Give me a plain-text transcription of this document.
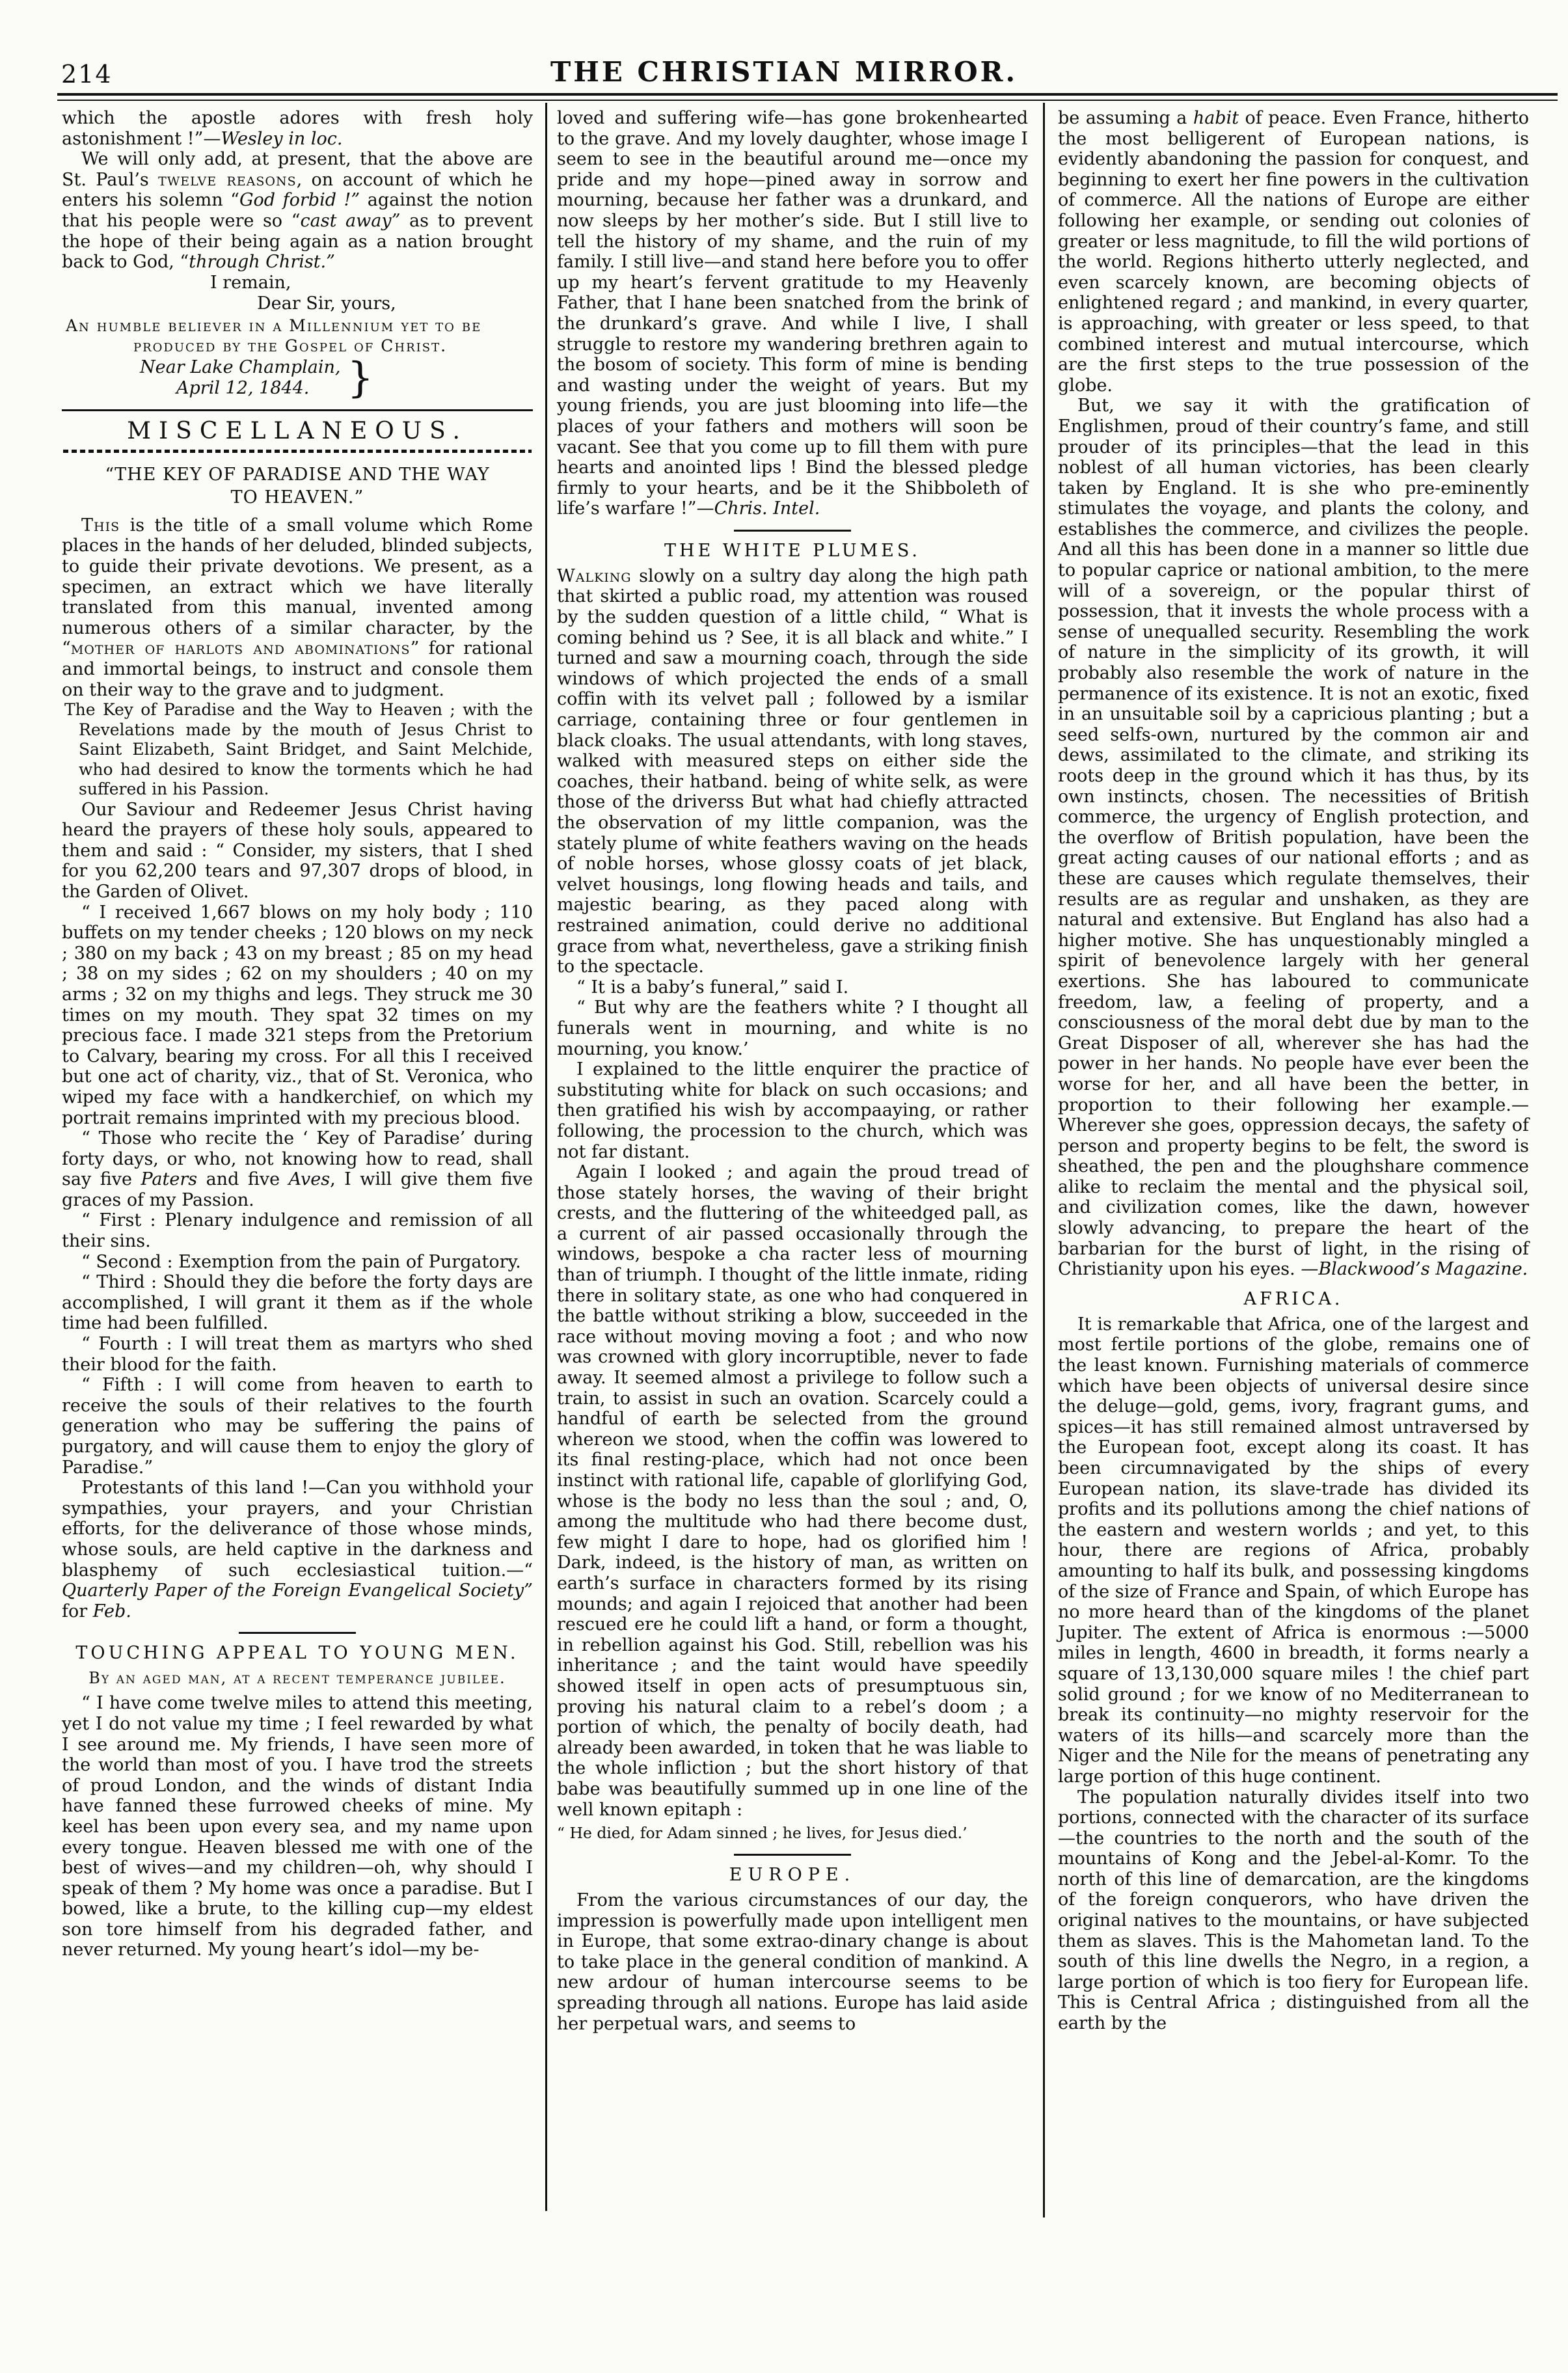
214	THE CHRISTIAN MIRROR.

which the apostle adores with fresh holy astonishment !”—Wesley in loc.

We will only add, at present, that the above are St. Paul’s twelve reasons, on account of which he enters his solemn “God forbid !” against the notion that his people were so “cast away” as to prevent the hope of their being again as a nation brought back to God, “through Christ.”

I remain,

Dear Sir, yours,

An humble believer in a Millennium yet to be produced by the Gospel of Christ.

Near Lake Champlain,
April 12, 1844. }
MISCELLANEOUS.
“THE KEY OF PARADISE AND THE WAY
TO HEAVEN.”

This is the title of a small volume which Rome places in the hands of her deluded, blinded subjects, to guide their private devotions. We present, as a specimen, an extract which we have literally translated from this manual, invented among numerous others of a similar character, by the “mother of harlots and abominations” for rational and immortal beings, to instruct and console them on their way to the grave and to judgment.

The Key of Paradise and the Way to Heaven ; with the Revelations made by the mouth of Jesus Christ to Saint Elizabeth, Saint Bridget, and Saint Melchide, who had desired to know the torments which he had suffered in his Passion.

Our Saviour and Redeemer Jesus Christ having heard the prayers of these holy souls, appeared to them and said : “ Consider, my sisters, that I shed for you 62,200 tears and 97,307 drops of blood, in the Garden of Olivet.

“ I received 1,667 blows on my holy body ; 110 buffets on my tender cheeks ; 120 blows on my neck ; 380 on my back ; 43 on my breast ; 85 on my head ; 38 on my sides ; 62 on my shoulders ; 40 on my arms ; 32 on my thighs and legs. They struck me 30 times on my mouth. They spat 32 times on my precious face. I made 321 steps from the Pretorium to Calvary, bearing my cross. For all this I received but one act of charity, viz., that of St. Veronica, who wiped my face with a handkerchief, on which my portrait remains imprinted with my precious blood.

“ Those who recite the ‘ Key of Paradise’ during forty days, or who, not knowing how to read, shall say five Paters and five Aves, I will give them five graces of my Passion.

“ First : Plenary indulgence and remission of all their sins.

“ Second : Exemption from the pain of Purgatory.

“ Third : Should they die before the forty days are accomplished, I will grant it them as if the whole time had been fulfilled.

“ Fourth : I will treat them as martyrs who shed their blood for the faith.

“ Fifth : I will come from heaven to earth to receive the souls of their relatives to the fourth generation who may be suffering the pains of purgatory, and will cause them to enjoy the glory of Paradise.”

Protestants of this land !—Can you withhold your sympathies, your prayers, and your Christian efforts, for the deliverance of those whose minds, whose souls, are held captive in the darkness and blasphemy of such ecclesiastical tuition.—“ Quarterly Paper of the Foreign Evangelical Society” for Feb.

TOUCHING APPEAL TO YOUNG MEN.
By an aged man, at a recent temperance jubilee.

“ I have come twelve miles to attend this meeting, yet I do not value my time ; I feel rewarded by what I see around me. My friends, I have seen more of the world than most of you. I have trod the streets of proud London, and the winds of distant India have fanned these furrowed cheeks of mine. My keel has been upon every sea, and my name upon every tongue. Heaven blessed me with one of the best of wives—and my children—oh, why should I speak of them ? My home was once a paradise. But I bowed, like a brute, to the killing cup—my eldest son tore himself from his degraded father, and never returned. My young heart’s idol—my be-

loved and suffering wife—has gone brokenhearted to the grave. And my lovely daughter, whose image I seem to see in the beautiful around me—once my pride and my hope—pined away in sorrow and mourning, because her father was a drunkard, and now sleeps by her mother’s side. But I still live to tell the history of my shame, and the ruin of my family. I still live—and stand here before you to offer up my heart’s fervent gratitude to my Heavenly Father, that I hane been snatched from the brink of the drunkard’s grave. And while I live, I shall struggle to restore my wandering brethren again to the bosom of society. This form of mine is bending and wasting under the weight of years. But my young friends, you are just blooming into life—the places of your fathers and mothers will soon be vacant. See that you come up to fill them with pure hearts and anointed lips ! Bind the blessed pledge firmly to your hearts, and be it the Shibboleth of life’s warfare !”—Chris. Intel.

THE WHITE PLUMES.

Walking slowly on a sultry day along the high path that skirted a public road, my attention was roused by the sudden question of a little child, “ What is coming behind us ? See, it is all black and white.” I turned and saw a mourning coach, through the side windows of which projected the ends of a small coffin with its velvet pall ; followed by a ismilar carriage, containing three or four gentlemen in black cloaks. The usual attendants, with long staves, walked with measured steps on either side the coaches, their hatband. being of white selk, as were those of the driverss But what had chiefly attracted the observation of my little companion, was the stately plume of white feathers waving on the heads of noble horses, whose glossy coats of jet black, velvet housings, long flowing heads and tails, and majestic bearing, as they paced along with restrained animation, could derive no additional grace from what, nevertheless, gave a striking finish to the spectacle.

“ It is a baby’s funeral,” said I.

“ But why are the feathers white ? I thought all funerals went in mourning, and white is no mourning, you know.’

I explained to the little enquirer the practice of substituting white for black on such occasions; and then gratified his wish by accompaaying, or rather following, the procession to the church, which was not far distant.

Again I looked ; and again the proud tread of those stately horses, the waving of their bright crests, and the fluttering of the whiteedged pall, as a current of air passed occasionally through the windows, bespoke a cha racter less of mourning than of triumph. I thought of the little inmate, riding there in solitary state, as one who had conquered in the battle without striking a blow, succeeded in the race without moving moving a foot ; and who now was crowned with glory incorruptible, never to fade away. It seemed almost a privilege to follow such a train, to assist in such an ovation. Scarcely could a handful of earth be selected from the ground whereon we stood, when the coffin was lowered to its final resting-place, which had not once been instinct with rational life, capable of glorlifying God, whose is the body no less than the soul ; and, O, among the multitude who had there become dust, few might I dare to hope, had os glorified him ! Dark, indeed, is the history of man, as written on earth’s surface in characters formed by its rising mounds; and again I rejoiced that another had been rescued ere he could lift a hand, or form a thought, in rebellion against his God. Still, rebellion was his inheritance ; and the taint would have speedily showed itself in open acts of presumptuous sin, proving his natural claim to a rebel’s doom ; a portion of which, the penalty of bocily death, had already been awarded, in token that he was liable to the whole infliction ; but the short history of that babe was beautifully summed up in one line of the well known epitaph :

“ He died, for Adam sinned ; he lives, for Jesus died.’

EUROPE.

From the various circumstances of our day, the impression is powerfully made upon intelligent men in Europe, that some extrao-dinary change is about to take place in the general condition of mankind. A new ardour of human intercourse seems to be spreading through all nations. Europe has laid aside her perpetual wars, and seems to

be assuming a habit of peace. Even France, hitherto the most belligerent of European nations, is evidently abandoning the passion for conquest, and beginning to exert her fine powers in the cultivation of commerce. All the nations of Europe are either following her example, or sending out colonies of greater or less magnitude, to fill the wild portions of the world. Regions hitherto utterly neglected, and even scarcely known, are becoming objects of enlightened regard ; and mankind, in every quarter, is approaching, with greater or less speed, to that combined interest and mutual intercourse, which are the first steps to the true possession of the globe.

But, we say it with the gratification of Englishmen, proud of their country’s fame, and still prouder of its principles—that the lead in this noblest of all human victories, has been clearly taken by England. It is she who pre-eminently stimulates the voyage, and plants the colony, and establishes the commerce, and civilizes the people. And all this has been done in a manner so little due to popular caprice or national ambition, to the mere will of a sovereign, or the popular thirst of possession, that it invests the whole process with a sense of unequalled security. Resembling the work of nature in the simplicity of its growth, it will probably also resemble the work of nature in the permanence of its existence. It is not an exotic, fixed in an unsuitable soil by a capricious planting ; but a seed selfs-own, nurtured by the common air and dews, assimilated to the climate, and striking its roots deep in the ground which it has thus, by its own instincts, chosen. The necessities of British commerce, the urgency of English protection, and the overflow of British population, have been the great acting causes of our national efforts ; and as these are causes which regulate themselves, their results are as regular and unshaken, as they are natural and extensive. But England has also had a higher motive. She has unquestionably mingled a spirit of benevolence largely with her general exertions. She has laboured to communicate freedom, law, a feeling of property, and a consciousness of the moral debt due by man to the Great Disposer of all, wherever she has had the power in her hands. No people have ever been the worse for her, and all have been the better, in proportion to their following her example.— Wherever she goes, oppression decays, the safety of person and property begins to be felt, the sword is sheathed, the pen and the ploughshare commence alike to reclaim the mental and the physical soil, and civilization comes, like the dawn, however slowly advancing, to prepare the heart of the barbarian for the burst of light, in the rising of Christianity upon his eyes. —Blackwood’s Magazine.

AFRICA.

It is remarkable that Africa, one of the largest and most fertile portions of the globe, remains one of the least known. Furnishing materials of commerce which have been objects of universal desire since the deluge—gold, gems, ivory, fragrant gums, and spices—it has still remained almost untraversed by the European foot, except along its coast. It has been circumnavigated by the ships of every European nation, its slave-trade has divided its profits and its pollutions among the chief nations of the eastern and western worlds ; and yet, to this hour, there are regions of Africa, probably amounting to half its bulk, and possessing kingdoms of the size of France and Spain, of which Europe has no more heard than of the kingdoms of the planet Jupiter. The extent of Africa is enormous :—5000 miles in length, 4600 in breadth, it forms nearly a square of 13,130,000 square miles ! the chief part solid ground ; for we know of no Mediterranean to break its continuity—no mighty reservoir for the waters of its hills—and scarcely more than the Niger and the Nile for the means of penetrating any large portion of this huge continent.

The population naturally divides itself into two portions, connected with the character of its surface—the countries to the north and the south of the mountains of Kong and the Jebel-al-Komr. To the north of this line of demarcation, are the kingdoms of the foreign conquerors, who have driven the original natives to the mountains, or have subjected them as slaves. This is the Mahometan land. To the south of this line dwells the Negro, in a region, a large portion of which is too fiery for European life. This is Central Africa ; distinguished from all the earth by the
